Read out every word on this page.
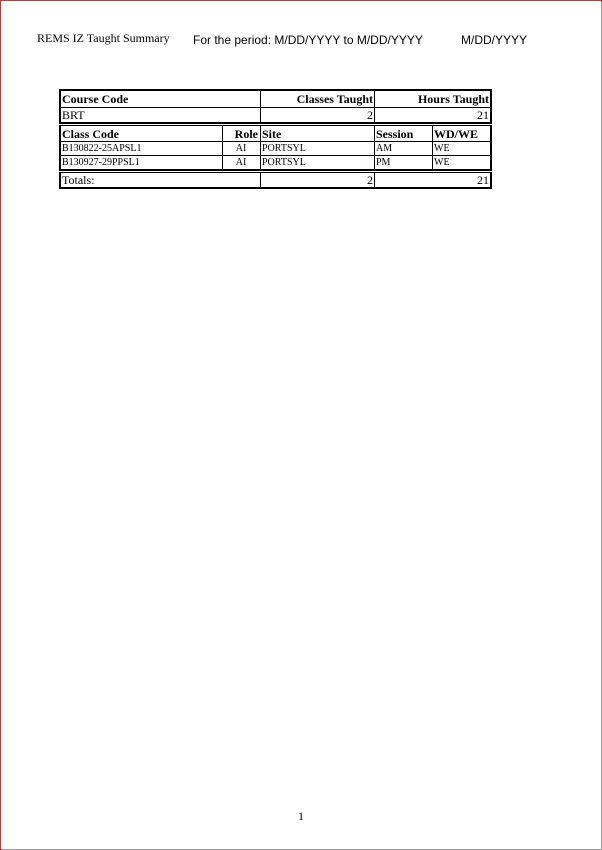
REMS IZ Taught Summary For the period: M/DD/YYYY to M/DD/YYYY	M/DD/YYYY
Course Code	Classes Taught	Hours Taught
BRT	2	21
Class Code	Role Site	Session	WD/WE
B130822-25APSL1	AI	PORTSYL	AM	WE
B130927-29PPSL1	AI	PORTSYL	PM	WE
Totals:	2	21
1
